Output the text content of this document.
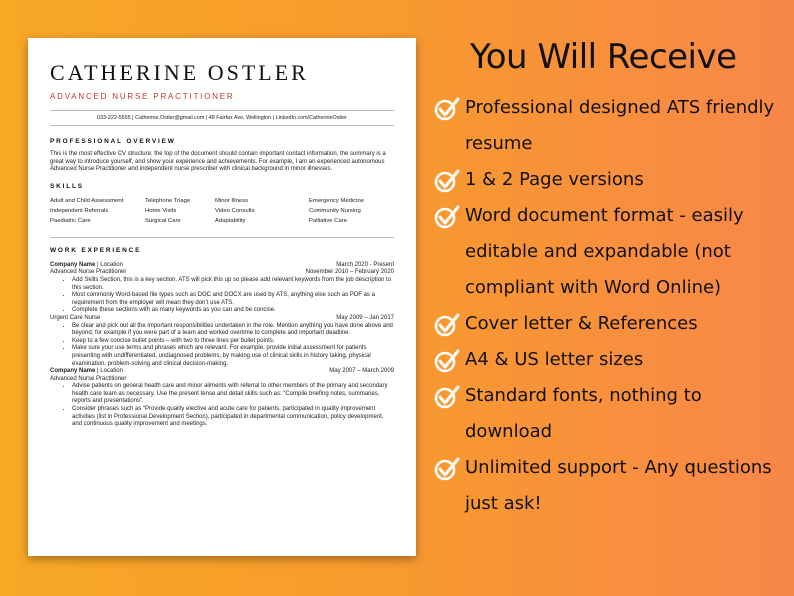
CATHERINE OSTLER
ADVANCED NURSE PRACTITIONER
033-222-5555 | Catherine.Ostler@gmail.com | 48 Fairfax Ave, Wellington | LinkedIn.com/CatherineOstler
PROFESSIONAL OVERVIEW
This is the most effective CV structure: the top of the document should contain important contact information, the summary is a great way to introduce yourself, and show your experience and achievements. For example, I am an experienced autonomous Advanced Nurse Practitioner and independent nurse prescriber with clinical background in minor illnesses.
SKILLS
Adult and Child Assessment	Telephone Triage	Minor Illness	Emergency Medicine
Independent Referrals	Home Visits	Video Consults	Community Nursing
Paediatric Care	Surgical Care	Adaptability	Palliative Care
WORK EXPERIENCE
Company Name | Location	March 2020 - Present
Advanced Nurse Practitioner	November 2010 – February 2020
• Add Skills Section, this is a key section. ATS will pick this up so please add relevant keywords from the job description to this section.
• Most commonly Word-based file types such as DOC and DOCX are used by ATS, anything else such as PDF as a requirement from the employer will mean they don’t use ATS.
• Complete these sections with as many keywords as you can and be concise.
Urgent Care Nurse	May 2009 – Jan 2017
• Be clear and pick out all the important responsibilities undertaken in the role. Mention anything you have done above and beyond, for example if you were part of a team and worked overtime to complete and important deadline.
• Keep to a few concise bullet points – with two to three lines per bullet points.
• Make sure your use terms and phrases which are relevant. For example, provide initial assessment for patients presenting with undifferentiated, undiagnosed problems, by making use of clinical skills in history taking, physical examination, problem-solving and clinical decision-making.
Company Name | Location	May 2007 – March 2009
Advanced Nurse Practitioner
• Advise patients on general health care and minor ailments with referral to other members of the primary and secondary health care team as necessary. Use the present tense and detail skills such as: “Compile briefing notes, summaries, reports and presentations”.
• Consider phrases such as “Provide quality elective and acute care for patients, participated in quality improvement activities (list in Professional Development Section), participated in departmental communication, policy development, and continuous quality improvement and meetings.
You Will Receive
Professional designed ATS friendly resume
1 & 2 Page versions
Word document format - easily editable and expandable (not compliant with Word Online)
Cover letter & References
A4 & US letter sizes
Standard fonts, nothing to download
Unlimited support - Any questions just ask!
